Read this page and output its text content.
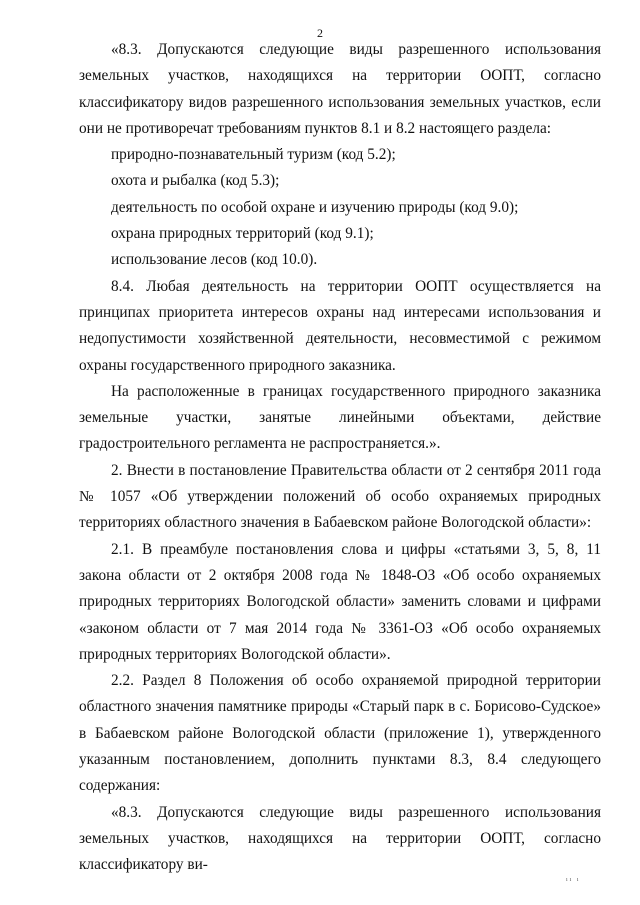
2

«8.3. Допускаются следующие виды разрешенного использования земельных участков, находящихся на территории ООПТ, согласно классификатору видов разрешенного использования земельных участков, если они не противоречат требованиям пунктов 8.1 и 8.2 настоящего раздела:

природно-познавательный туризм (код 5.2);

охота и рыбалка (код 5.3);

деятельность по особой охране и изучению природы (код 9.0);

охрана природных территорий (код 9.1);

использование лесов (код 10.0).

8.4. Любая деятельность на территории ООПТ осуществляется на принципах приоритета интересов охраны над интересами использования и недопустимости хозяйственной деятельности, несовместимой с режимом охраны государственного природного заказника.

На расположенные в границах государственного природного заказника земельные участки, занятые линейными объектами, действие градостроительного регламента не распространяется.».

2. Внести в постановление Правительства области от 2 сентября 2011 года № 1057 «Об утверждении положений об особо охраняемых природных территориях областного значения в Бабаевском районе Вологодской области»:

2.1. В преамбуле постановления слова и цифры «статьями 3, 5, 8, 11 закона области от 2 октября 2008 года № 1848-ОЗ «Об особо охраняемых природных территориях Вологодской области» заменить словами и цифрами «законом области от 7 мая 2014 года № 3361-ОЗ «Об особо охраняемых природных территориях Вологодской области».

2.2. Раздел 8 Положения об особо охраняемой природной территории областного значения памятнике природы «Старый парк в с. Борисово-Судское» в Бабаевском районе Вологодской области (приложение 1), утвержденного указанным постановлением, дополнить пунктами 8.3, 8.4 следующего содержания:

«8.3. Допускаются следующие виды разрешенного использования земельных участков, находящихся на территории ООПТ, согласно классификатору ви-

ıı ı
